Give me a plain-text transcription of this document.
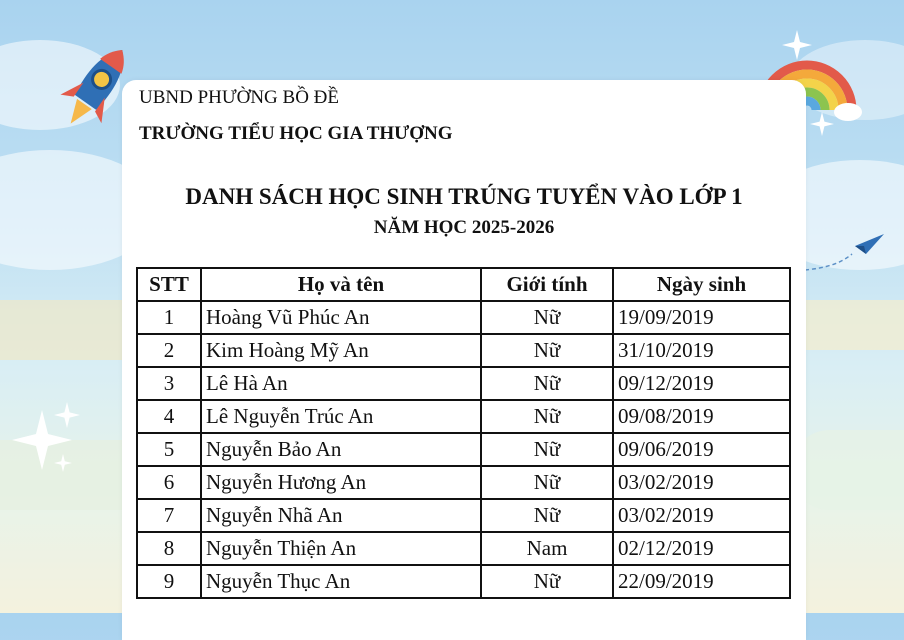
UBND PHƯỜNG BỒ ĐỀ
TRƯỜNG TIỂU HỌC GIA THƯỢNG
DANH SÁCH HỌC SINH TRÚNG TUYỂN VÀO LỚP 1
NĂM HỌC 2025-2026
STT	Họ và tên	Giới tính	Ngày sinh
1	Hoàng Vũ Phúc An	Nữ	19/09/2019
2	Kim Hoàng Mỹ An	Nữ	31/10/2019
3	Lê Hà An	Nữ	09/12/2019
4	Lê Nguyễn Trúc An	Nữ	09/08/2019
5	Nguyễn Bảo An	Nữ	09/06/2019
6	Nguyễn Hương An	Nữ	03/02/2019
7	Nguyễn Nhã An	Nữ	03/02/2019
8	Nguyễn Thiện An	Nam	02/12/2019
9	Nguyễn Thục An	Nữ	22/09/2019
